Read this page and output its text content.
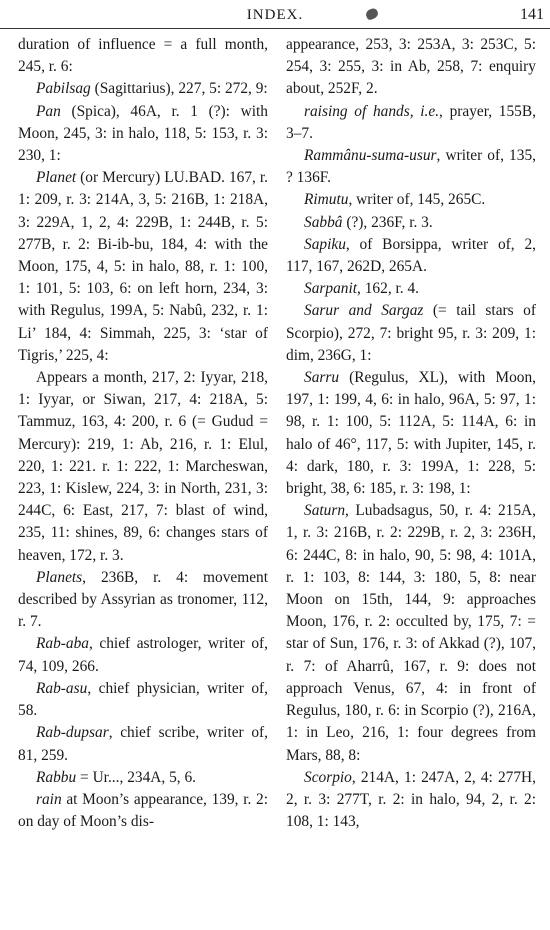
INDEX.	141

duration of influence = a full month, 245, r. 6:

Pabilsag (Sagittarius), 227, 5: 272, 9:

Pan (Spica), 46A, r. 1 (?): with Moon, 245, 3: in halo, 118, 5: 153, r. 3: 230, 1:

Planet (or Mercury) LU.BAD. 167, r. 1: 209, r. 3: 214A, 3, 5: 216B, 1: 218A, 3: 229A, 1, 2, 4: 229B, 1: 244B, r. 5: 277B, r. 2: Bi-ib-bu, 184, 4: with the Moon, 175, 4, 5: in halo, 88, r. 1: 100, 1: 101, 5: 103, 6: on left horn, 234, 3: with Regulus, 199A, 5: Nabû, 232, r. 1: Li’ 184, 4: Simmah, 225, 3: ‘star of Tigris,’ 225, 4:

Appears a month, 217, 2: Iyyar, 218, 1: Iyyar, or Siwan, 217, 4: 218A, 5: Tammuz, 163, 4: 200, r. 6 (= Gudud = Mercury): 219, 1: Ab, 216, r. 1: Elul, 220, 1: 221. r. 1: 222, 1: Marcheswan, 223, 1: Kislew, 224, 3: in North, 231, 3: 244C, 6: East, 217, 7: blast of wind, 235, 11: shines, 89, 6: changes stars of heaven, 172, r. 3.

Planets, 236B, r. 4: movement described by Assyrian as tronomer, 112, r. 7.

Rab-aba, chief astrologer, writer of, 74, 109, 266.

Rab-asu, chief physician, writer of, 58.

Rab-dupsar, chief scribe, writer of, 81, 259.

Rabbu = Ur..., 234A, 5, 6.

rain at Moon’s appearance, 139, r. 2: on day of Moon’s dis-

appearance, 253, 3: 253A, 3: 253C, 5: 254, 3: 255, 3: in Ab, 258, 7: enquiry about, 252F, 2.

raising of hands, i.e., prayer, 155B, 3–7.

Rammânu-suma-usur, writer of, 135, ? 136F.

Rimutu, writer of, 145, 265C.

Sabbâ (?), 236F, r. 3.

Sapiku, of Borsippa, writer of, 2, 117, 167, 262D, 265A.

Sarpanit, 162, r. 4.

Sarur and Sargaz (= tail stars of Scorpio), 272, 7: bright 95, r. 3: 209, 1: dim, 236G, 1:

Sarru (Regulus, XL), with Moon, 197, 1: 199, 4, 6: in halo, 96A, 5: 97, 1: 98, r. 1: 100, 5: 112A, 5: 114A, 6: in halo of 46°, 117, 5: with Jupiter, 145, r. 4: dark, 180, r. 3: 199A, 1: 228, 5: bright, 38, 6: 185, r. 3: 198, 1:

Saturn, Lubadsagus, 50, r. 4: 215A, 1, r. 3: 216B, r. 2: 229B, r. 2, 3: 236H, 6: 244C, 8: in halo, 90, 5: 98, 4: 101A, r. 1: 103, 8: 144, 3: 180, 5, 8: near Moon on 15th, 144, 9: approaches Moon, 176, r. 2: occulted by, 175, 7: = star of Sun, 176, r. 3: of Akkad (?), 107, r. 7: of Aharrû, 167, r. 9: does not approach Venus, 67, 4: in front of Regulus, 180, r. 6: in Scorpio (?), 216A, 1: in Leo, 216, 1: four degrees from Mars, 88, 8:

Scorpio, 214A, 1: 247A, 2, 4: 277H, 2, r. 3: 277T, r. 2: in halo, 94, 2, r. 2: 108, 1: 143,
